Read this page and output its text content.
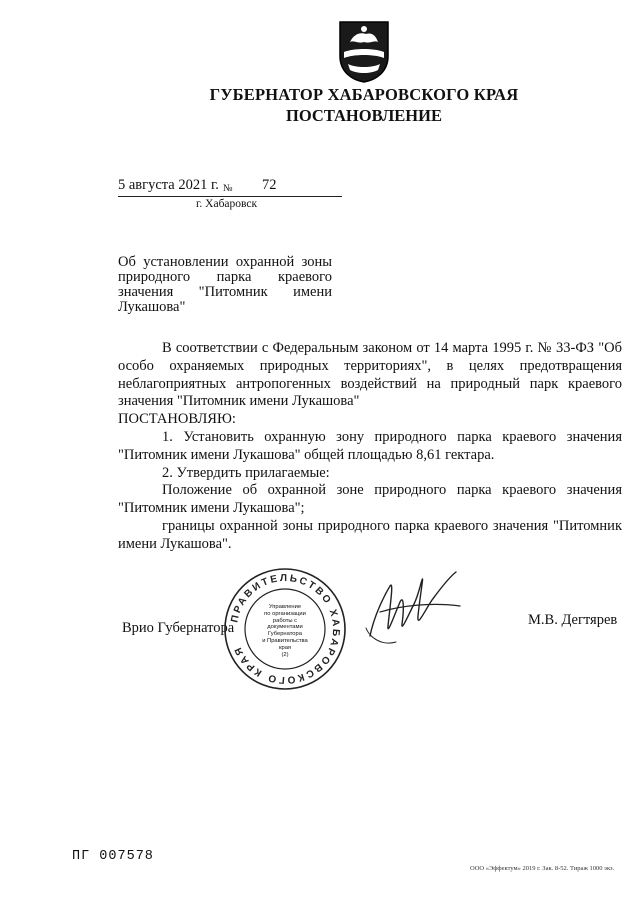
ГУБЕРНАТОР ХАБАРОВСКОГО КРАЯ
ПОСТАНОВЛЕНИЕ
5 августа 2021 г. № 72
г. Хабаровск
Об установлении охранной зоны природного парка краевого значения "Питомник имени Лукашова"

В соответствии с Федеральным законом от 14 марта 1995 г. № 33-ФЗ "Об особо охраняемых природных территориях", в целях предотвращения неблагоприятных антропогенных воздействий на природный парк краевого значения "Питомник имени Лукашова"

ПОСТАНОВЛЯЮ:

1. Установить охранную зону природного парка краевого значения "Питомник имени Лукашова" общей площадью 8,61 гектара.

2. Утвердить прилагаемые:

Положение об охранной зоне природного парка краевого значения "Питомник имени Лукашова";

границы охранной зоны природного парка краевого значения "Питомник имени Лукашова".

Врио Губернатора
ПРАВИТЕЛЬСТВО ХАБАРОВСКОГО КРАЯ
Управление
по организации
работы с документами
Губернатора
и Правительства
края
(2)
М.В. Дегтярев
ПГ 007578
ООО «Эффектум» 2019 г. Зак. 8-52. Тираж 1000 экз.
